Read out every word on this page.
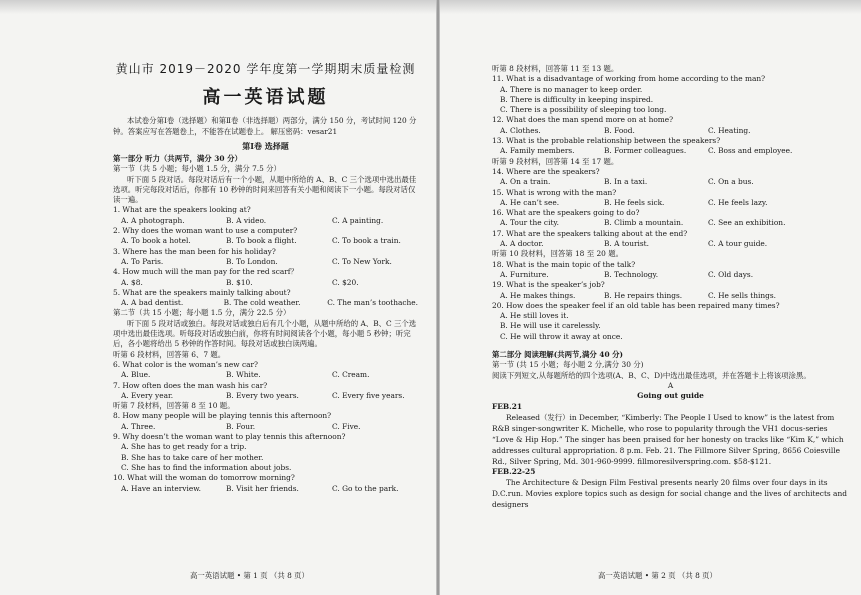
黄山市 2019－2020 学年度第一学期期末质量检测

高一英语试题

本试卷分第Ⅰ卷（选择题）和第Ⅱ卷（非选择题）两部分，满分 150 分，考试时间 120 分钟。答案应写在答题卷上，不能答在试题卷上。 解压密码：vesar21

第Ⅰ卷 选择题
第一部分 听力（共两节，满分 30 分）
第一节（共 5 小题；每小题 1.5 分，满分 7.5 分）
听下面 5 段对话。每段对话后有一个小题，从题中所给的 A、B、C 三个选项中选出最佳选项。听完每段对话后，你都有 10 秒钟的时间来回答有关小题和阅读下一小题。每段对话仅读一遍。
1. What are the speakers looking at?
A. A photograph.	B. A video.	C. A painting.
2. Why does the woman want to use a computer?
A. To book a hotel.	B. To book a flight.	C. To book a train.
3. Where has the man been for his holiday?
A. To Paris.	B. To London.	C. To New York.
4. How much will the man pay for the red scarf？
A. $8.	B. $10.	C. $20.
5. What are the speakers mainly talking about?
A. A bad dentist.	B. The cold weather.	C. The man’s toothache.
第二节（共 15 小题；每小题 1.5 分，满分 22.5 分）
听下面 5 段对话或独白。每段对话或独白后有几个小题，从题中所给的 A、B、C 三个选项中选出最佳选项。听每段对话或独白前，你将有时间阅读各个小题，每小题 5 秒钟；听完后，各小题将给出 5 秒钟的作答时间。每段对话或独白读两遍。
听第 6 段材料，回答第 6、7 题。
6. What color is the woman’s new car?
A. Blue.	B. White.	C. Cream.
7. How often does the man wash his car?
A. Every year.	B. Every two years.	C. Every five years.
听第 7 段材料，回答第 8 至 10 题。
8. How many people will be playing tennis this afternoon?
A. Three.	B. Four.	C. Five.
9. Why doesn’t the woman want to play tennis this afternoon?
A. She has to get ready for a trip.
B. She has to take care of her mother.
C. She has to find the information about jobs.
10. What will the woman do tomorrow morning?
A. Have an interview.	B. Visit her friends.	C. Go to the park.
高一英语试题 • 第 1 页 （共 8 页）
听第 8 段材料，回答第 11 至 13 题。
11. What is a disadvantage of working from home according to the man?
A. There is no manager to keep order.
B. There is difficulty in keeping inspired.
C. There is a possibility of sleeping too long.
12. What does the man spend more on at home?
A. Clothes.	B. Food.	C. Heating.
13. What is the probable relationship between the speakers?
A. Family members.	B. Former colleagues.	C. Boss and employee.
听第 9 段材料，回答第 14 至 17 题。
14. Where are the speakers?
A. On a train.	B. In a taxi.	C. On a bus.
15. What is wrong with the man?
A. He can’t see.	B. He feels sick.	C. He feels lazy.
16. What are the speakers going to do?
A. Tour the city.	B. Climb a mountain.	C. See an exhibition.
17. What are the speakers talking about at the end?
A. A doctor.	B. A tourist.	C. A tour guide.
听第 10 段材料，回答第 18 至 20 题。
18. What is the main topic of the talk?
A. Furniture.	B. Technology.	C. Old days.
19. What is the speaker’s job?
A. He makes things.	B. He repairs things.	C. He sells things.
20. How does the speaker feel if an old table has been repaired many times?
A. He still loves it.
B. He will use it carelessly.
C. He will throw it away at once.
第二部分 阅读理解(共两节,满分 40 分)
第一节 (共 15 小题；每小题 2 分,满分 30 分)
阅读下列短文,从每题所给的四个选项(A、B、C、D)中选出最佳选项，并在答题卡上将该项涂黑。
A
Going out guide
FEB.21

Released（发行）in December, “Kimberly: The People I Used to know” is the latest from R&B singer-songwriter K. Michelle, who rose to popularity through the VH1 docus-series “Love & Hip Hop.” The singer has been praised for her honesty on tracks like “Kim K,” which addresses cultural appropriation. 8 p.m. Feb. 21. The Fillmore Silver Spring, 8656 Coiesville Rd., Silver Spring, Md. 301-960-9999. fillmoresilverspring.com. $58-$121.

FEB.22-25

The Architecture & Design Film Festival presents nearly 20 films over four days in its D.C.run. Movies explore topics such as design for social change and the lives of architects and designers

高一英语试题 • 第 2 页 （共 8 页）
